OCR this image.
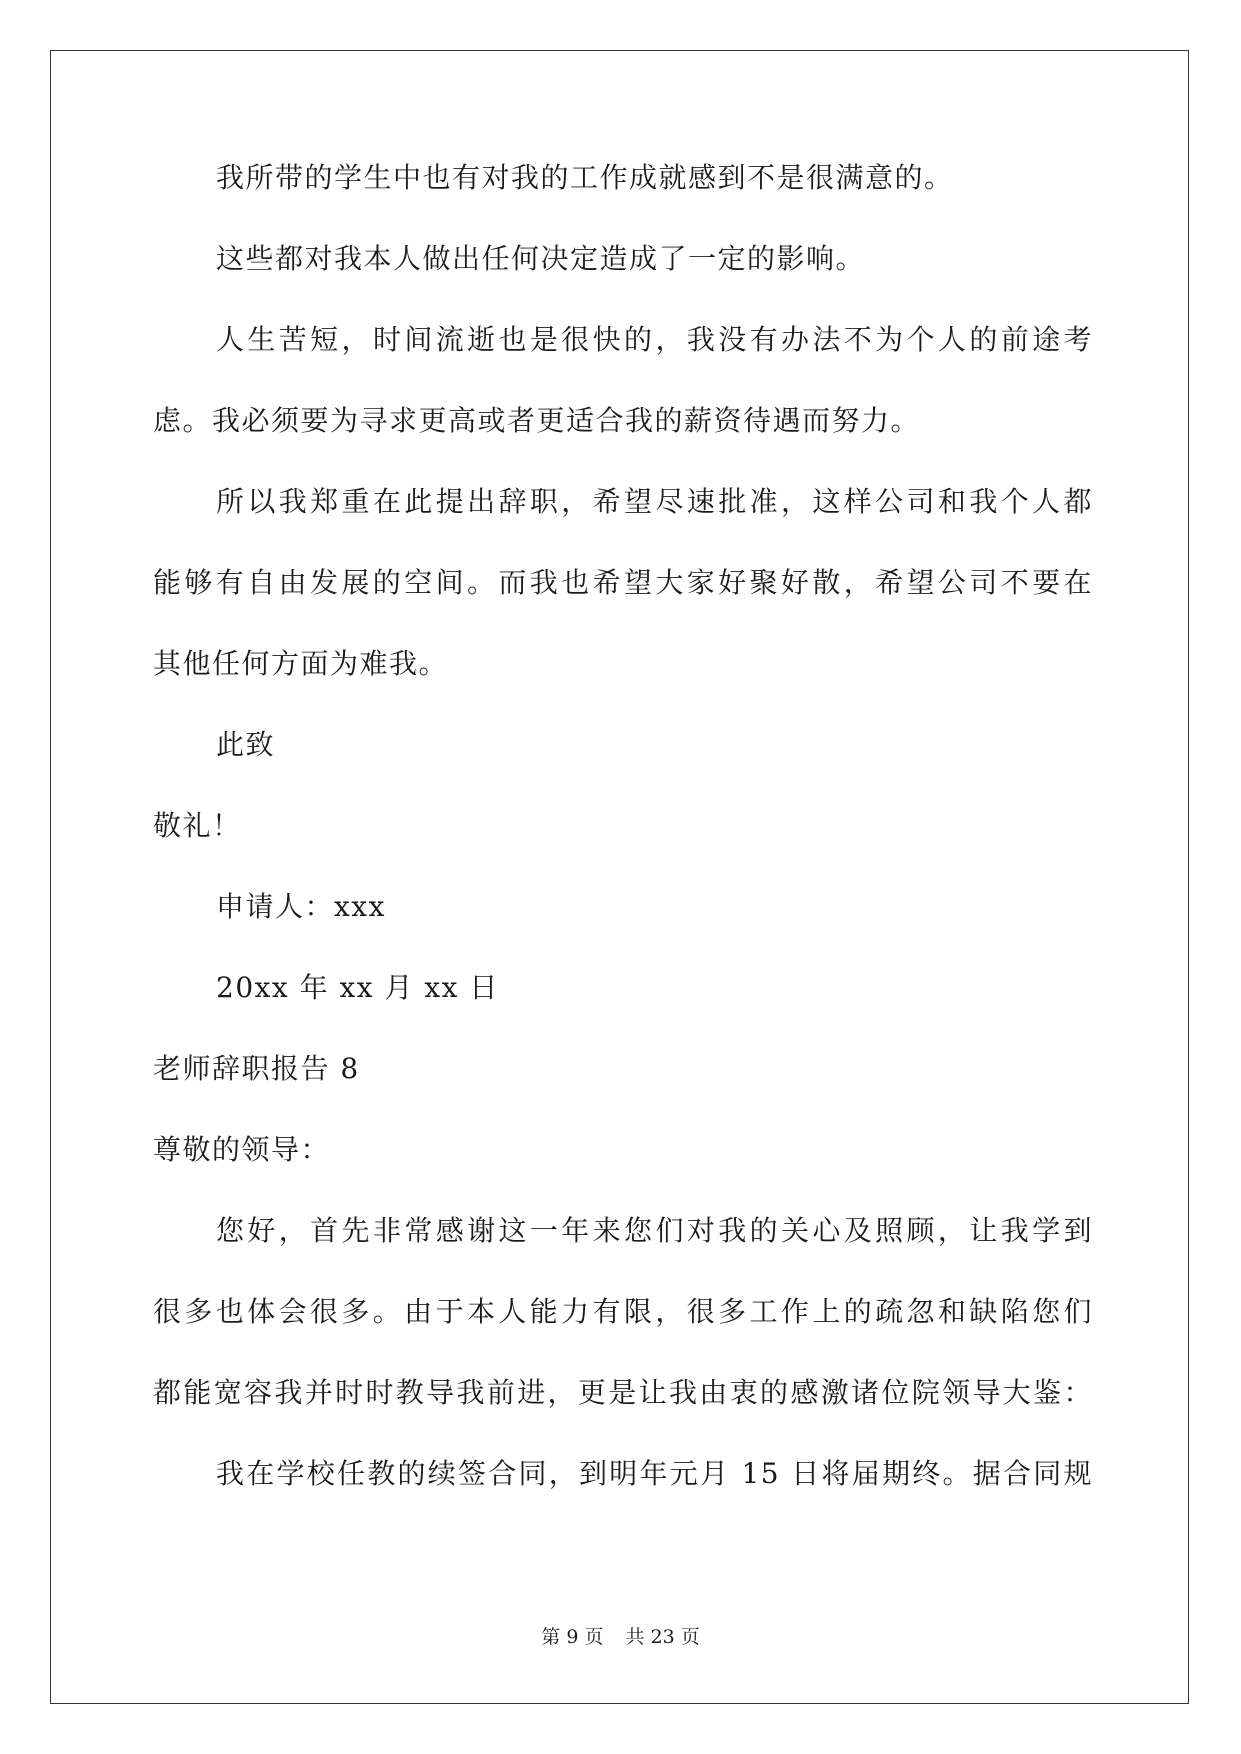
我所带的学生中也有对我的工作成就感到不是很满意的。
这些都对我本人做出任何决定造成了一定的影响。
人生苦短，时间流逝也是很快的，我没有办法不为个人的前途考
虑。我必须要为寻求更高或者更适合我的薪资待遇而努力。
所以我郑重在此提出辞职，希望尽速批准，这样公司和我个人都
能够有自由发展的空间。而我也希望大家好聚好散，希望公司不要在
其他任何方面为难我。
此致
敬礼！
申请人：xxx
20xx 年 xx 月 xx 日
老师辞职报告 8
尊敬的领导：
您好，首先非常感谢这一年来您们对我的关心及照顾，让我学到
很多也体会很多。由于本人能力有限，很多工作上的疏忽和缺陷您们
都能宽容我并时时教导我前进，更是让我由衷的感激诸位院领导大鉴：
我在学校任教的续签合同，到明年元月 15 日将届期终。据合同规
第 9 页 共 23 页
